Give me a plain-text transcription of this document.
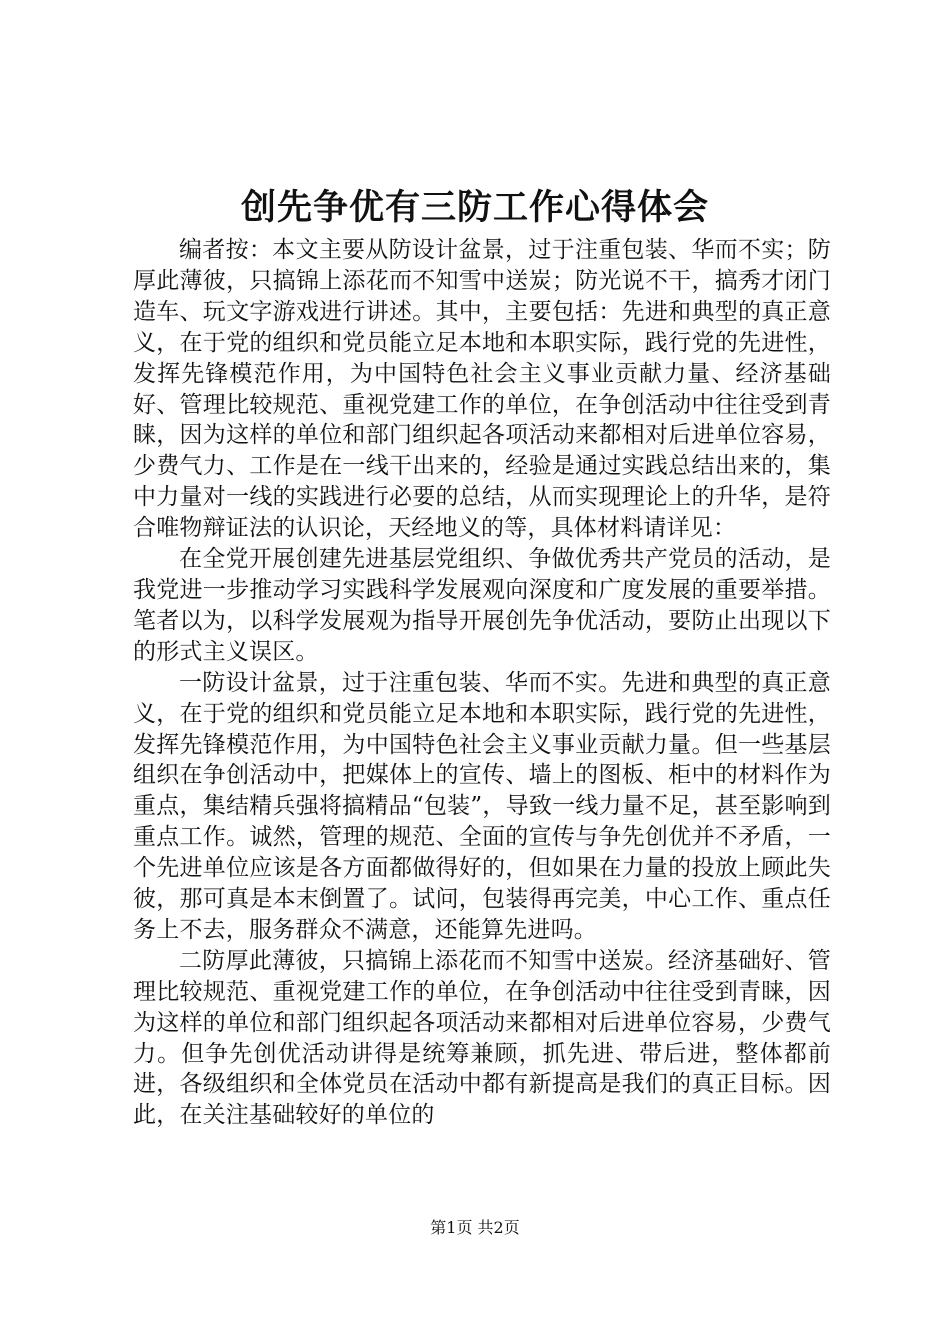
创先争优有三防工作心得体会

编者按：本文主要从防设计盆景，过于注重包装、华而不实；防厚此薄彼，只搞锦上添花而不知雪中送炭；防光说不干，搞秀才闭门造车、玩文字游戏进行讲述。其中，主要包括：先进和典型的真正意义，在于党的组织和党员能立足本地和本职实际，践行党的先进性，发挥先锋模范作用，为中国特色社会主义事业贡献力量、经济基础好、管理比较规范、重视党建工作的单位，在争创活动中往往受到青睐，因为这样的单位和部门组织起各项活动来都相对后进单位容易，少费气力、工作是在一线干出来的，经验是通过实践总结出来的，集中力量对一线的实践进行必要的总结，从而实现理论上的升华，是符合唯物辩证法的认识论，天经地义的等，具体材料请详见：

在全党开展创建先进基层党组织、争做优秀共产党员的活动，是我党进一步推动学习实践科学发展观向深度和广度发展的重要举措。笔者以为，以科学发展观为指导开展创先争优活动，要防止出现以下的形式主义误区。

一防设计盆景，过于注重包装、华而不实。先进和典型的真正意义，在于党的组织和党员能立足本地和本职实际，践行党的先进性，发挥先锋模范作用，为中国特色社会主义事业贡献力量。但一些基层组织在争创活动中，把媒体上的宣传、墙上的图板、柜中的材料作为重点，集结精兵强将搞精品“包装”，导致一线力量不足，甚至影响到重点工作。诚然，管理的规范、全面的宣传与争先创优并不矛盾，一个先进单位应该是各方面都做得好的，但如果在力量的投放上顾此失彼，那可真是本末倒置了。试问，包装得再完美，中心工作、重点任务上不去，服务群众不满意，还能算先进吗。

二防厚此薄彼，只搞锦上添花而不知雪中送炭。经济基础好、管理比较规范、重视党建工作的单位，在争创活动中往往受到青睐，因为这样的单位和部门组织起各项活动来都相对后进单位容易，少费气力。但争先创优活动讲得是统筹兼顾，抓先进、带后进，整体都前进，各级组织和全体党员在活动中都有新提高是我们的真正目标。因此，在关注基础较好的单位的

第1页 共2页
